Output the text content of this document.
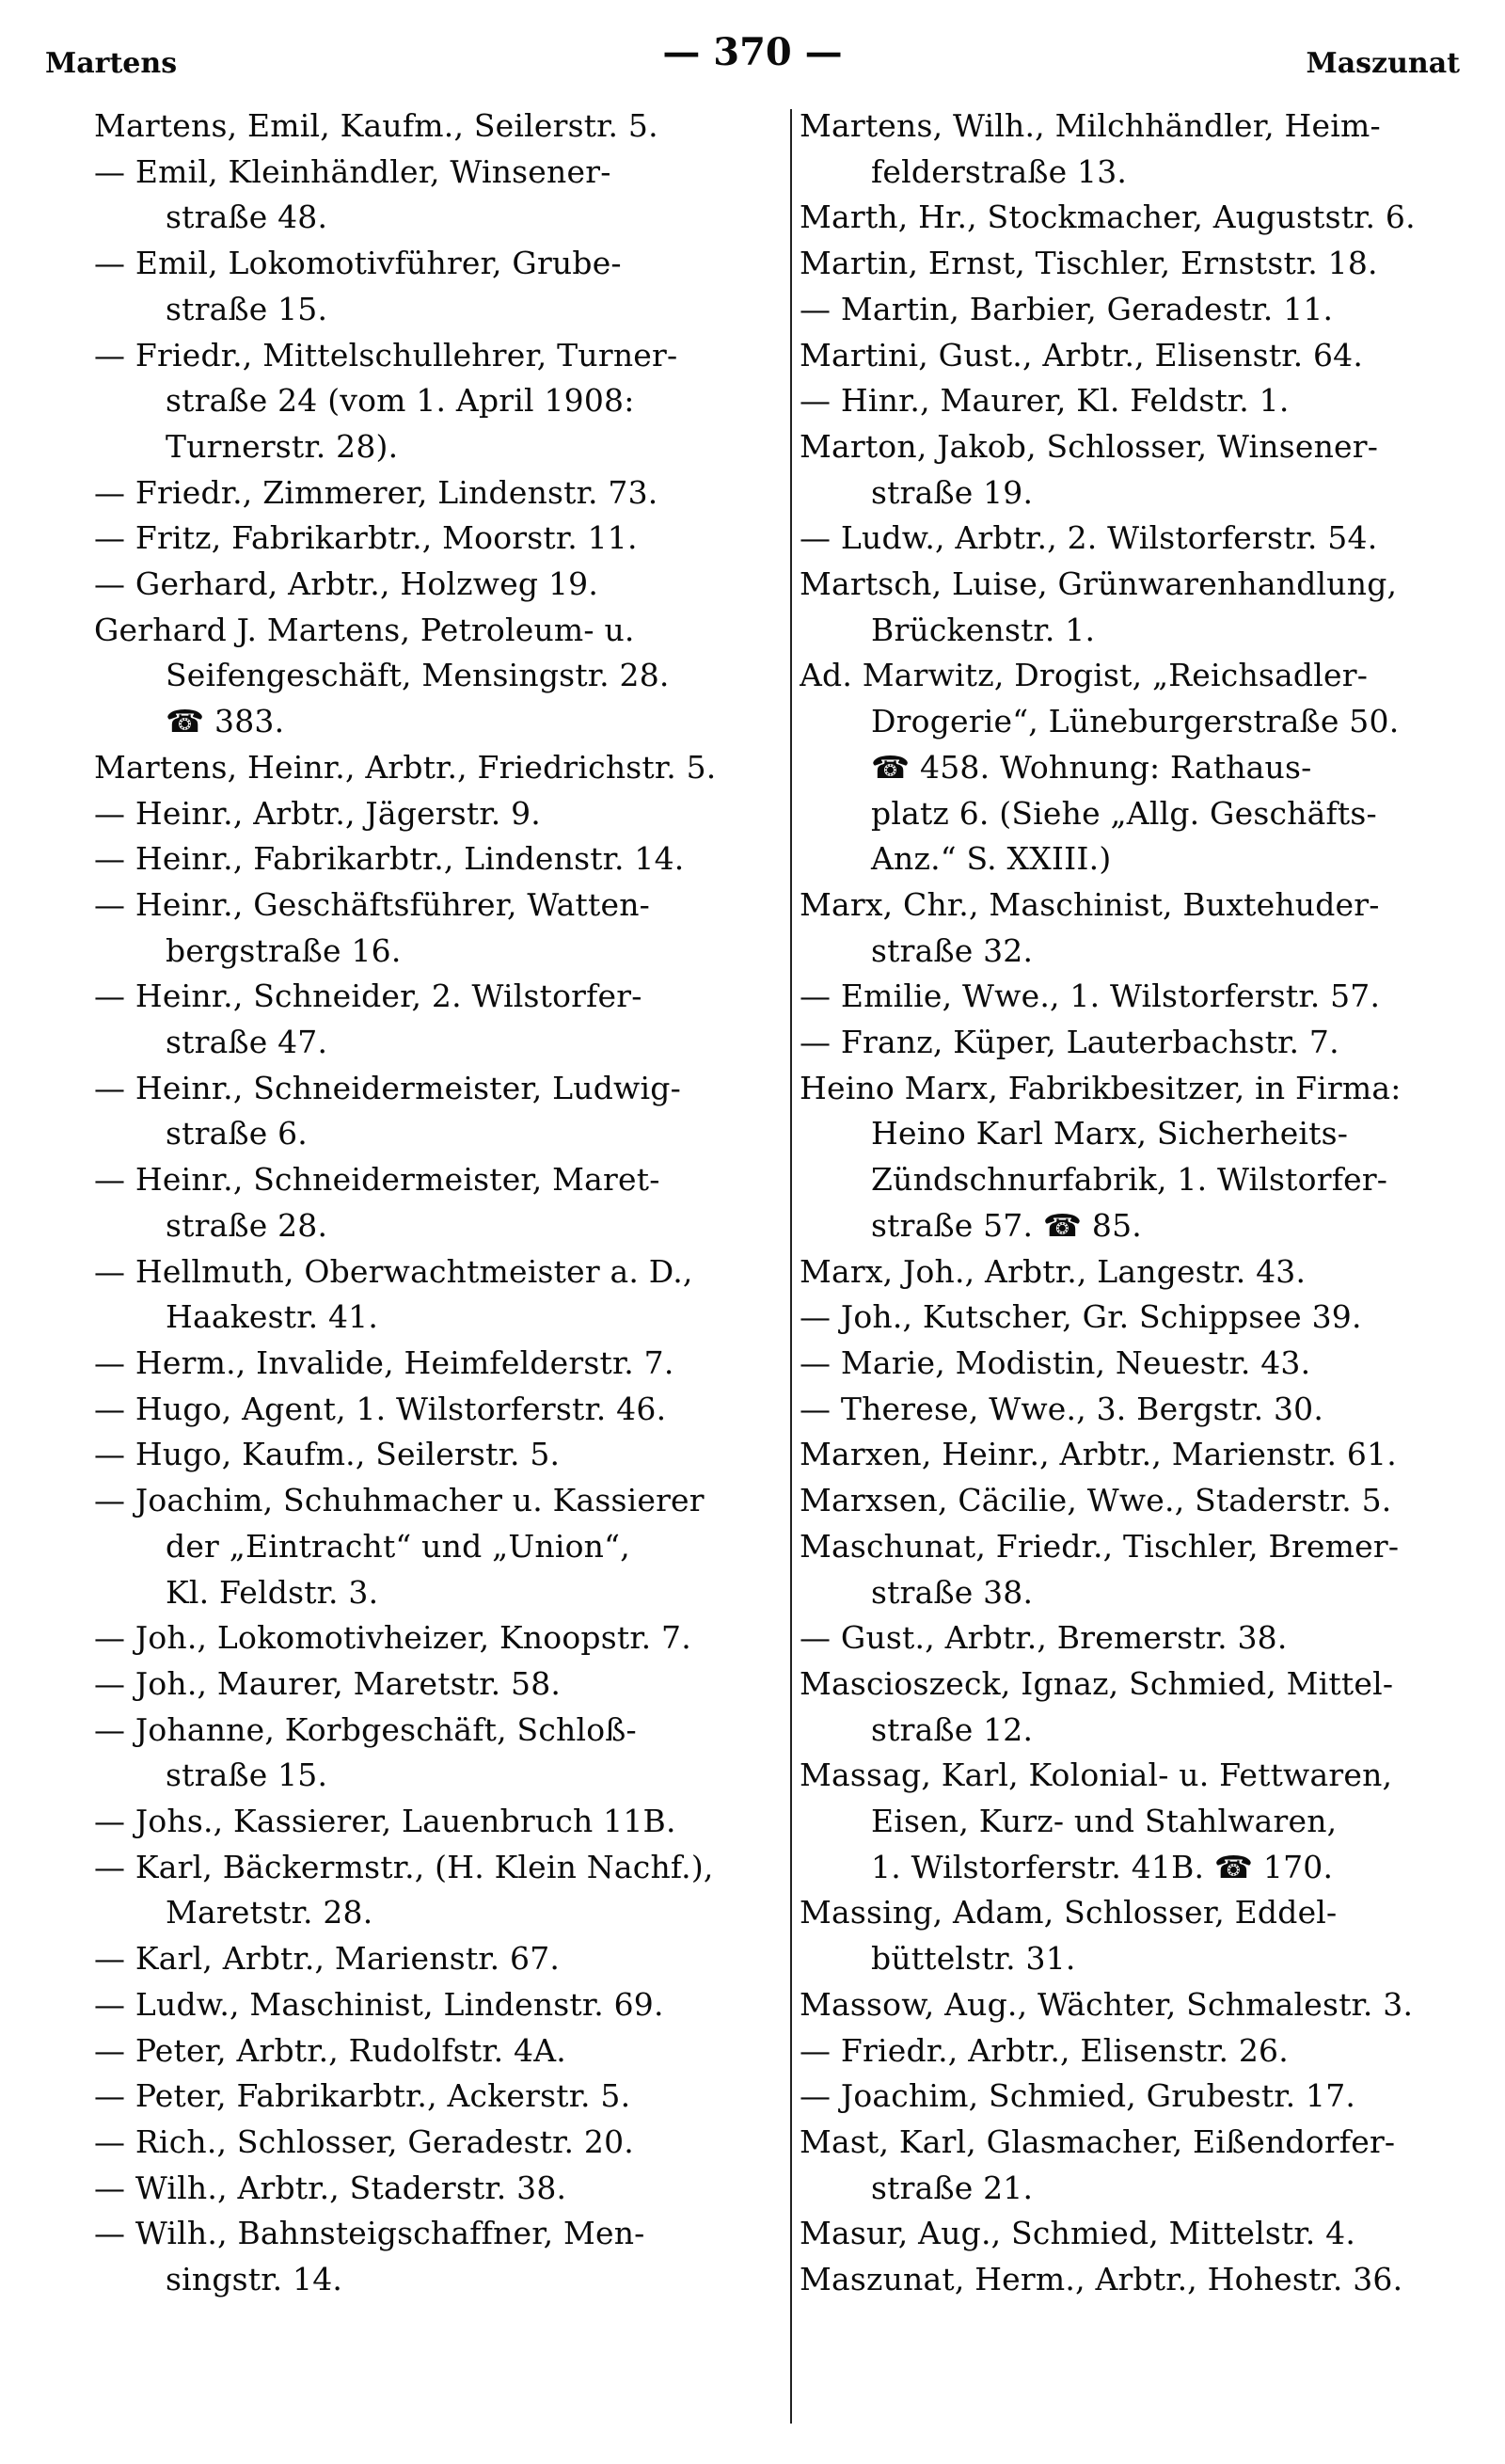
Martens	— 370 —	Maszunat
Martens, Emil, Kaufm., Seilerstr. 5.
— Emil, Kleinhändler, Winsener-
straße 48.
— Emil, Lokomotivführer, Grube-
straße 15.
— Friedr., Mittelschullehrer, Turner-
straße 24 (vom 1. April 1908:
Turnerstr. 28).
— Friedr., Zimmerer, Lindenstr. 73.
— Fritz, Fabrikarbtr., Moorstr. 11.
— Gerhard, Arbtr., Holzweg 19.
Gerhard J. Martens, Petroleum- u.
Seifengeschäft, Mensingstr. 28.
☎ 383.
Martens, Heinr., Arbtr., Friedrichstr. 5.
— Heinr., Arbtr., Jägerstr. 9.
— Heinr., Fabrikarbtr., Lindenstr. 14.
— Heinr., Geschäftsführer, Watten-
bergstraße 16.
— Heinr., Schneider, 2. Wilstorfer-
straße 47.
— Heinr., Schneidermeister, Ludwig-
straße 6.
— Heinr., Schneidermeister, Maret-
straße 28.
— Hellmuth, Oberwachtmeister a. D.,
Haakestr. 41.
— Herm., Invalide, Heimfelderstr. 7.
— Hugo, Agent, 1. Wilstorferstr. 46.
— Hugo, Kaufm., Seilerstr. 5.
— Joachim, Schuhmacher u. Kassierer
der „Eintracht“ und „Union“,
Kl. Feldstr. 3.
— Joh., Lokomotivheizer, Knoopstr. 7.
— Joh., Maurer, Maretstr. 58.
— Johanne, Korbgeschäft, Schloß-
straße 15.
— Johs., Kassierer, Lauenbruch 11B.
— Karl, Bäckermstr., (H. Klein Nachf.),
Maretstr. 28.
— Karl, Arbtr., Marienstr. 67.
— Ludw., Maschinist, Lindenstr. 69.
— Peter, Arbtr., Rudolfstr. 4A.
— Peter, Fabrikarbtr., Ackerstr. 5.
— Rich., Schlosser, Geradestr. 20.
— Wilh., Arbtr., Staderstr. 38.
— Wilh., Bahnsteigschaffner, Men-
singstr. 14.
Martens, Wilh., Milchhändler, Heim-
felderstraße 13.
Marth, Hr., Stockmacher, Auguststr. 6.
Martin, Ernst, Tischler, Ernststr. 18.
— Martin, Barbier, Geradestr. 11.
Martini, Gust., Arbtr., Elisenstr. 64.
— Hinr., Maurer, Kl. Feldstr. 1.
Marton, Jakob, Schlosser, Winsener-
straße 19.
— Ludw., Arbtr., 2. Wilstorferstr. 54.
Martsch, Luise, Grünwarenhandlung,
Brückenstr. 1.
Ad. Marwitz, Drogist, „Reichsadler-
Drogerie“, Lüneburgerstraße 50.
☎ 458. Wohnung: Rathaus-
platz 6. (Siehe „Allg. Geschäfts-
Anz.“ S. XXIII.)
Marx, Chr., Maschinist, Buxtehuder-
straße 32.
— Emilie, Wwe., 1. Wilstorferstr. 57.
— Franz, Küper, Lauterbachstr. 7.
Heino Marx, Fabrikbesitzer, in Firma:
Heino Karl Marx, Sicherheits-
Zündschnurfabrik, 1. Wilstorfer-
straße 57. ☎ 85.
Marx, Joh., Arbtr., Langestr. 43.
— Joh., Kutscher, Gr. Schippsee 39.
— Marie, Modistin, Neuestr. 43.
— Therese, Wwe., 3. Bergstr. 30.
Marxen, Heinr., Arbtr., Marienstr. 61.
Marxsen, Cäcilie, Wwe., Staderstr. 5.
Maschunat, Friedr., Tischler, Bremer-
straße 38.
— Gust., Arbtr., Bremerstr. 38.
Mascioszeck, Ignaz, Schmied, Mittel-
straße 12.
Massag, Karl, Kolonial- u. Fettwaren,
Eisen, Kurz- und Stahlwaren,
1. Wilstorferstr. 41B. ☎ 170.
Massing, Adam, Schlosser, Eddel-
büttelstr. 31.
Massow, Aug., Wächter, Schmalestr. 3.
— Friedr., Arbtr., Elisenstr. 26.
— Joachim, Schmied, Grubestr. 17.
Mast, Karl, Glasmacher, Eißendorfer-
straße 21.
Masur, Aug., Schmied, Mittelstr. 4.
Maszunat, Herm., Arbtr., Hohestr. 36.
